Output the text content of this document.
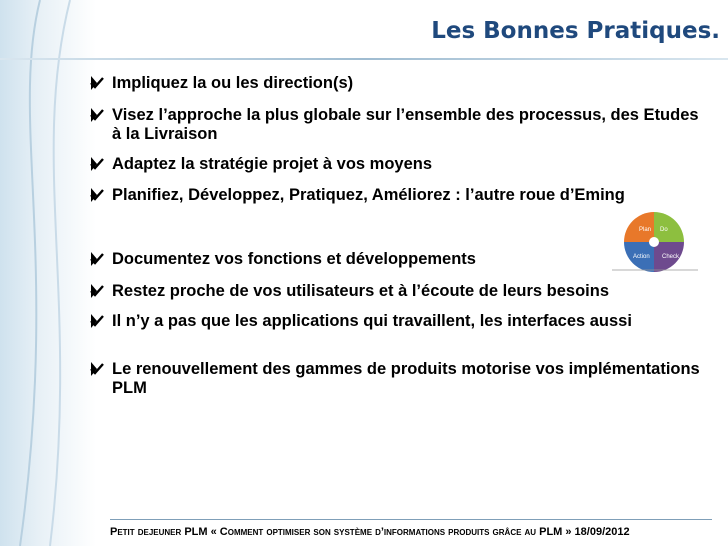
Les Bonnes Pratiques.
Impliquez la ou les direction(s)
Visez l’approche la plus globale sur l’ensemble des processus, des Etudes à la Livraison
Adaptez la stratégie projet à vos moyens
Planifiez, Développez, Pratiquez, Améliorez : l’autre roue d’Eming
Documentez vos fonctions et développements
Restez proche de vos utilisateurs et à l’écoute de leurs besoins
Il n’y a pas que les applications qui travaillent, les interfaces aussi
Le renouvellement des gammes de produits motorise vos implémentations PLM
Plan Do
Check
Action
Petit dejeuner PLM « Comment optimiser son système d’informations produits grâce au PLM » 18/09/2012
